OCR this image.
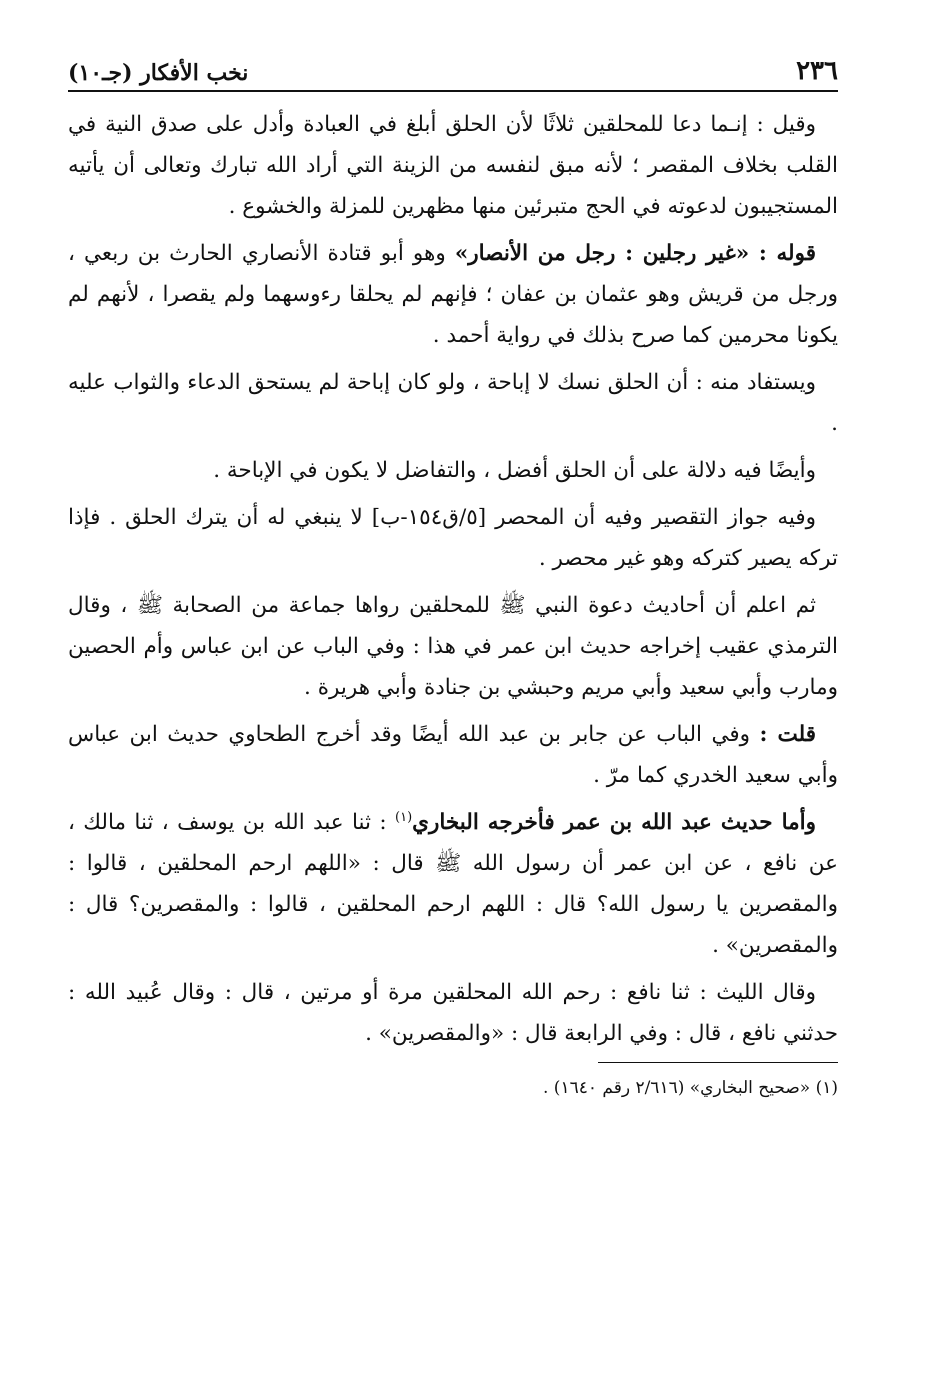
٢٣٦
نخب الأفكار (جـ١٠)

وقيل : إنـما دعا للمحلقين ثلاثًا لأن الحلق أبلغ في العبادة وأدل على صدق النية في القلب بخلاف المقصر ؛ لأنه مبق لنفسه من الزينة التي أراد الله تبارك وتعالى أن يأتيه المستجيبون لدعوته في الحج متبرئين منها مظهرين للمزلة والخشوع .

قوله : «غير رجلين : رجل من الأنصار» وهو أبو قتادة الأنصاري الحارث بن ربعي ، ورجل من قريش وهو عثمان بن عفان ؛ فإنهم لم يحلقا رءوسهما ولم يقصرا ، لأنهم لم يكونا محرمين كما صرح بذلك في رواية أحمد .

ويستفاد منه : أن الحلق نسك لا إباحة ، ولو كان إباحة لم يستحق الدعاء والثواب عليه .

وأيضًا فيه دلالة على أن الحلق أفضل ، والتفاضل لا يكون في الإباحة .

وفيه جواز التقصير وفيه أن المحصر [٥/ق١٥٤-ب] لا ينبغي له أن يترك الحلق . فإذا تركه يصير كتركه وهو غير محصر .

ثم اعلم أن أحاديث دعوة النبي ﷺ للمحلقين رواها جماعة من الصحابة ﷺ ، وقال الترمذي عقيب إخراجه حديث ابن عمر في هذا : وفي الباب عن ابن عباس وأم الحصين ومارب وأبي سعيد وأبي مريم وحبشي بن جنادة وأبي هريرة .

قلت : وفي الباب عن جابر بن عبد الله أيضًا وقد أخرج الطحاوي حديث ابن عباس وأبي سعيد الخدري كما مرّ .

وأما حديث عبد الله بن عمر فأخرجه البخاري$^{(١)}$ : ثنا عبد الله بن يوسف ، ثنا مالك ، عن نافع ، عن ابن عمر أن رسول الله ﷺ قال : «اللهم ارحم المحلقين ، قالوا : والمقصرين يا رسول الله؟ قال : اللهم ارحم المحلقين ، قالوا : والمقصرين؟ قال : والمقصرين» .

وقال الليث : ثنا نافع : رحم الله المحلقين مرة أو مرتين ، قال : وقال عُبيد الله : حدثني نافع ، قال : وفي الرابعة قال : «والمقصرين» .

(١) «صحيح البخاري» (٢/٦١٦ رقم ١٦٤٠) .
